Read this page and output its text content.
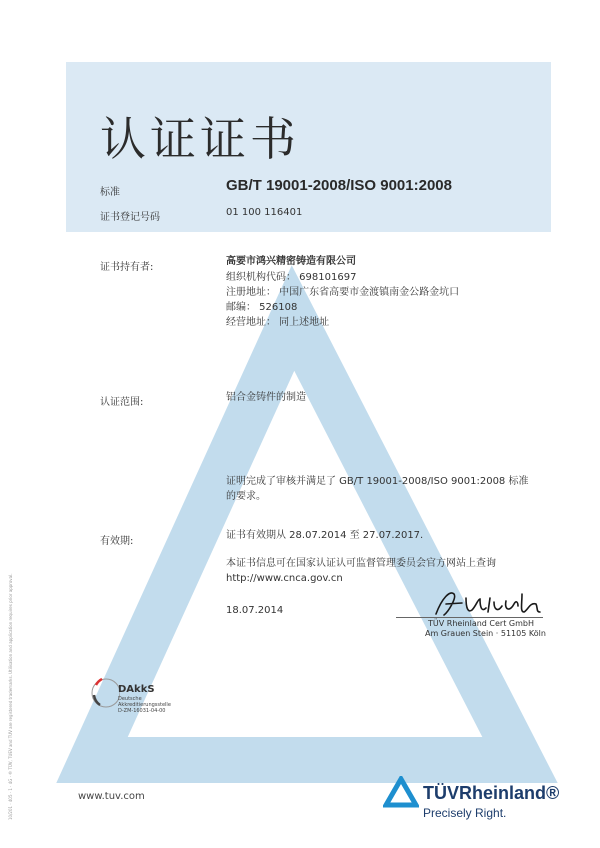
认证证书
标准	GB/T 19001-2008/ISO 9001:2008
证书登记号码	01 100 116401
证书持有者:
高要市鸿兴精密铸造有限公司
组织机构代码： 698101697
注册地址： 中国广东省高要市金渡镇南金公路金坑口
邮编： 526108
经营地址： 同上述地址
认证范围:	铝合金铸件的制造
证明完成了审核并满足了 GB/T 19001-2008/ISO 9001:2008 标准
的要求。
有效期:
证书有效期从 28.07.2014 至 27.07.2017.
本证书信息可在国家认证认可监督管理委员会官方网站上查询
http://www.cnca.gov.cn
18.07.2014
TÜV Rheinland Cert GmbH
Am Grauen Stein · 51105 Köln
DAkkS
Deutsche
Akkreditierungsstelle
D-ZM-16031-04-00
10/201 · 405 · 1 · 4G · ® TÜV, TUEV and TUV are registered trademarks. Utilisation and application requires prior approval.	www.tuv.com	TÜVRheinland®
Precisely Right.
